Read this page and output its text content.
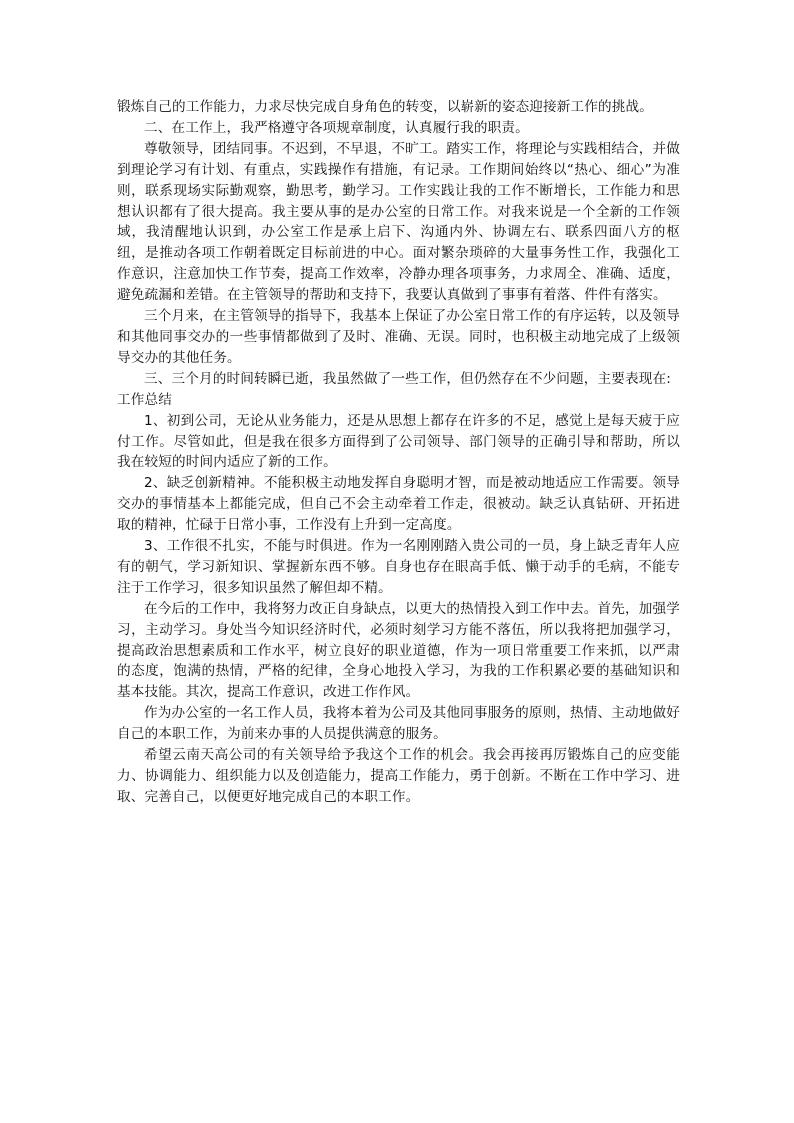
锻炼自己的工作能力，力求尽快完成自身角色的转变，以崭新的姿态迎接新工作的挑战。

二、在工作上，我严格遵守各项规章制度，认真履行我的职责。

尊敬领导，团结同事。不迟到，不早退，不旷工。踏实工作，将理论与实践相结合，并做到理论学习有计划、有重点，实践操作有措施，有记录。工作期间始终以“热心、细心”为准则，联系现场实际勤观察，勤思考，勤学习。工作实践让我的工作不断增长，工作能力和思想认识都有了很大提高。我主要从事的是办公室的日常工作。对我来说是一个全新的工作领域，我清醒地认识到，办公室工作是承上启下、沟通内外、协调左右、联系四面八方的枢纽，是推动各项工作朝着既定目标前进的中心。面对繁杂琐碎的大量事务性工作，我强化工作意识，注意加快工作节奏，提高工作效率，冷静办理各项事务，力求周全、准确、适度，避免疏漏和差错。在主管领导的帮助和支持下，我要认真做到了事事有着落、件件有落实。

三个月来，在主管领导的指导下，我基本上保证了办公室日常工作的有序运转，以及领导和其他同事交办的一些事情都做到了及时、准确、无误。同时，也积极主动地完成了上级领导交办的其他任务。

三、三个月的时间转瞬已逝，我虽然做了一些工作，但仍然存在不少问题，主要表现在:

工作总结

1、初到公司，无论从业务能力，还是从思想上都存在许多的不足，感觉上是每天疲于应付工作。尽管如此，但是我在很多方面得到了公司领导、部门领导的正确引导和帮助，所以我在较短的时间内适应了新的工作。

2、缺乏创新精神。不能积极主动地发挥自身聪明才智，而是被动地适应工作需要。领导交办的事情基本上都能完成，但自己不会主动牵着工作走，很被动。缺乏认真钻研、开拓进取的精神，忙碌于日常小事，工作没有上升到一定高度。

3、工作很不扎实，不能与时俱进。作为一名刚刚踏入贵公司的一员，身上缺乏青年人应有的朝气，学习新知识、掌握新东西不够。自身也存在眼高手低、懒于动手的毛病，不能专注于工作学习，很多知识虽然了解但却不精。

在今后的工作中，我将努力改正自身缺点，以更大的热情投入到工作中去。首先，加强学习，主动学习。身处当今知识经济时代，必须时刻学习方能不落伍，所以我将把加强学习，提高政治思想素质和工作水平，树立良好的职业道德，作为一项日常重要工作来抓，以严肃的态度，饱满的热情，严格的纪律，全身心地投入学习，为我的工作积累必要的基础知识和基本技能。其次，提高工作意识，改进工作作风。

作为办公室的一名工作人员，我将本着为公司及其他同事服务的原则，热情、主动地做好自己的本职工作，为前来办事的人员提供满意的服务。

希望云南天高公司的有关领导给予我这个工作的机会。我会再接再厉锻炼自己的应变能力、协调能力、组织能力以及创造能力，提高工作能力，勇于创新。不断在工作中学习、进取、完善自己，以便更好地完成自己的本职工作。
